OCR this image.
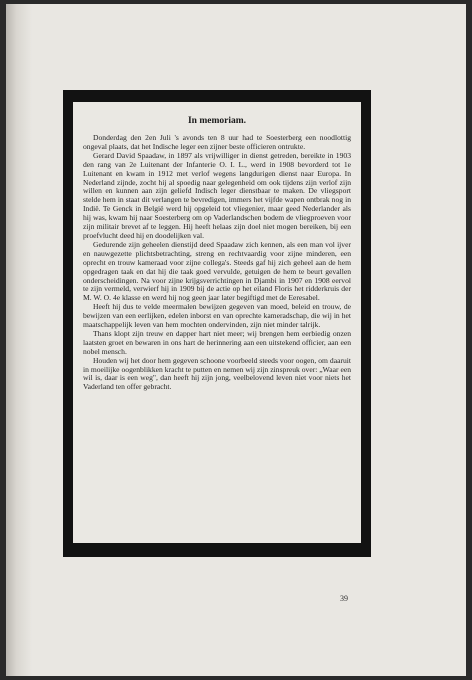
In memoriam.

Donderdag den 2en Juli 's avonds ten 8 uur had te Soesterberg een noodlottig ongeval plaats, dat het Indische leger een zijner beste officieren ontrukte.

Gerard David Spaadaw, in 1897 als vrijwilliger in dienst getreden, bereikte in 1903 den rang van 2e Luitenant der Infanterie O. I. L., werd in 1908 bevorderd tot 1e Luitenant en kwam in 1912 met verlof wegens langdurigen dienst naar Europa. In Nederland zijnde, zocht hij al spoedig naar gelegenheid om ook tijdens zijn verlof zijn willen en kunnen aan zijn geliefd Indisch leger dienstbaar te maken. De vliegsport stelde hem in staat dit verlangen te bevredigen, immers het vijfde wapen ontbrak nog in Indië. Te Genck in België werd hij opgeleid tot vliegenier, maar geed Nederlander als hij was, kwam hij naar Soesterberg om op Vaderlandschen bodem de vliegproeven voor zijn militair brevet af te leggen. Hij heeft helaas zijn doel niet mogen bereiken, bij een proefvlucht deed hij en doodelijken val.

Gedurende zijn geheelen dienstijd deed Spaadaw zich kennen, als een man vol ijver en nauwgezette plichtsbetrachting, streng en rechtvaardig voor zijne minderen, een oprecht en trouw kameraad voor zijne collega's. Steeds gaf hij zich geheel aan de hem opgedragen taak en dat hij die taak goed vervulde, getuigen de hem te beurt gevallen onderscheidingen. Na voor zijne krijgsverrichtingen in Djambi in 1907 en 1908 eervol te zijn vermeld, verwierf hij in 1909 bij de actie op het eiland Floris het ridderkruis der M. W. O. 4e klasse en werd hij nog geen jaar later begiftigd met de Eeresabel.

Heeft hij dus te velde meermalen bewijzen gegeven van moed, beleid en trouw, de bewijzen van een eerlijken, edelen inborst en van oprechte kameradschap, die wij in het maatschappelijk leven van hem mochten ondervinden, zijn niet minder talrijk.

Thans klopt zijn treuw en dapper hart niet meer; wij brengen hem eerbiedig onzen laatsten groet en bewaren in ons hart de herinnering aan een uitstekend officier, aan een nobel mensch.

Houden wij het door hem gegeven schoone voorbeeld steeds voor oogen, om daaruit in moeilijke oogenblikken kracht te putten en nemen wij zijn zinspreuk over: „Waar een wil is, daar is een weg", dan heeft hij zijn jong, veelbelovend leven niet voor niets het Vaderland ten offer gebracht.

39
